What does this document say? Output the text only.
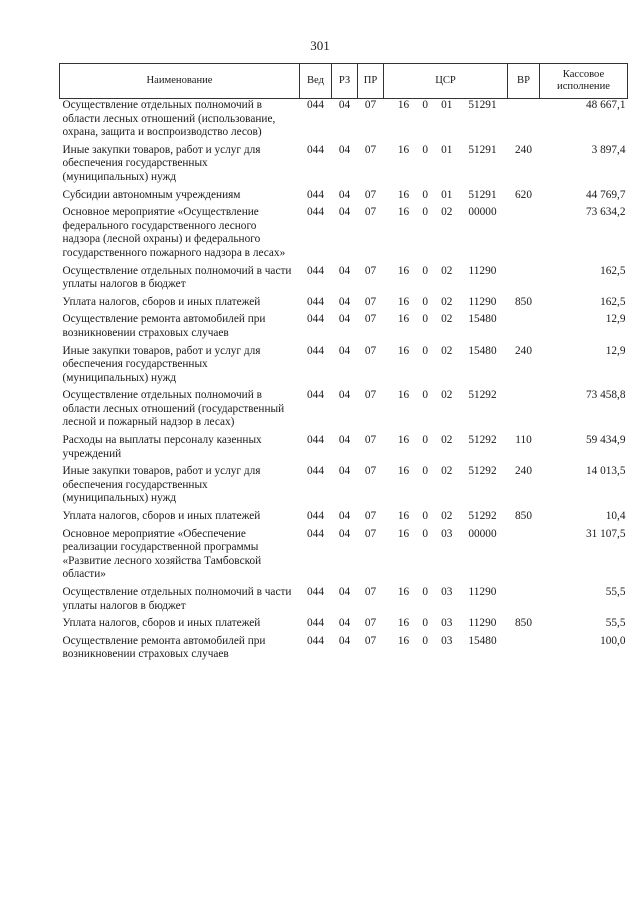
301
Наименование	Вед	РЗ	ПР	ЦСР	ВР	Кассовое исполнение
Осуществление отдельных полномочий в области лесных отношений (использование, охрана, защита и воспроизводство лесов)	044	04	07	16 0 01 51291		48 667,1
Иные закупки товаров, работ и услуг для обеспечения государственных (муниципальных) нужд	044	04	07	16 0 01 51291	240	3 897,4
Субсидии автономным учреждениям	044	04	07	16 0 01 51291	620	44 769,7
Основное мероприятие «Осуществление федерального государственного лесного надзора (лесной охраны) и федерального государственного пожарного надзора в лесах»	044	04	07	16 0 02 00000		73 634,2
Осуществление отдельных полномочий в части уплаты налогов в бюджет	044	04	07	16 0 02 11290		162,5
Уплата налогов, сборов и иных платежей	044	04	07	16 0 02 11290	850	162,5
Осуществление ремонта автомобилей при возникновении страховых случаев	044	04	07	16 0 02 15480		12,9
Иные закупки товаров, работ и услуг для обеспечения государственных (муниципальных) нужд	044	04	07	16 0 02 15480	240	12,9
Осуществление отдельных полномочий в области лесных отношений (государственный лесной и пожарный надзор в лесах)	044	04	07	16 0 02 51292		73 458,8
Расходы на выплаты персоналу казенных учреждений	044	04	07	16 0 02 51292	110	59 434,9
Иные закупки товаров, работ и услуг для обеспечения государственных (муниципальных) нужд	044	04	07	16 0 02 51292	240	14 013,5
Уплата налогов, сборов и иных платежей	044	04	07	16 0 02 51292	850	10,4
Основное мероприятие «Обеспечение реализации государственной программы «Развитие лесного хозяйства Тамбовской области»	044	04	07	16 0 03 00000		31 107,5
Осуществление отдельных полномочий в части уплаты налогов в бюджет	044	04	07	16 0 03 11290		55,5
Уплата налогов, сборов и иных платежей	044	04	07	16 0 03 11290	850	55,5
Осуществление ремонта автомобилей при возникновении страховых случаев	044	04	07	16 0 03 15480		100,0
